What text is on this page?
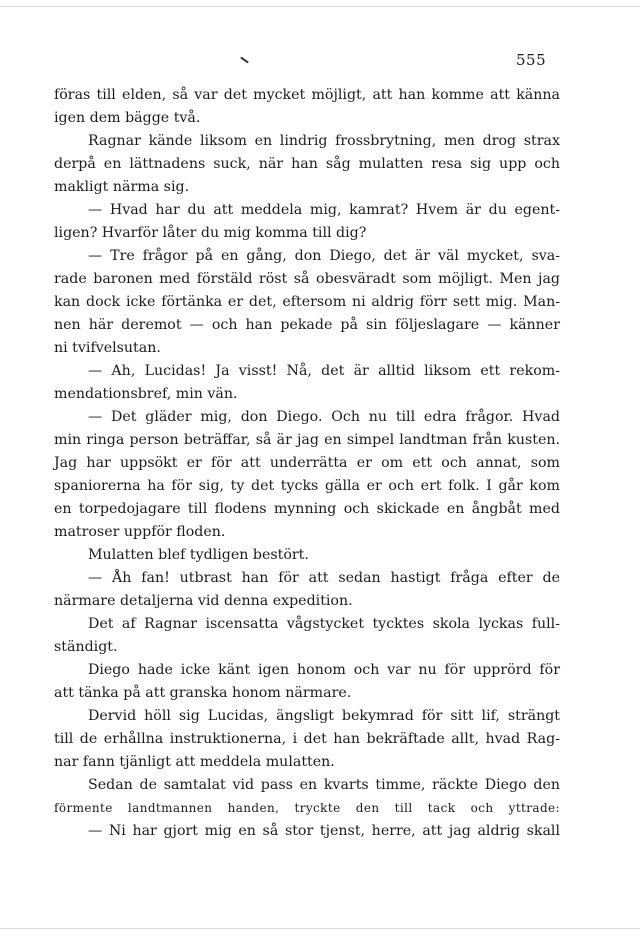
555
föras till elden, så var det mycket möjligt, att han komme att känna
igen dem bägge två.
Ragnar kände liksom en lindrig frossbrytning, men drog strax
derpå en lättnadens suck, när han såg mulatten resa sig upp och
makligt närma sig.
— Hvad har du att meddela mig, kamrat? Hvem är du egent-
ligen? Hvarför låter du mig komma till dig?
— Tre frågor på en gång, don Diego, det är väl mycket, sva-
rade baronen med förstäld röst så obesväradt som möjligt. Men jag
kan dock icke förtänka er det, eftersom ni aldrig förr sett mig. Man-
nen här deremot — och han pekade på sin följeslagare — känner
ni tvifvelsutan.
— Ah, Lucidas! Ja visst! Nå, det är alltid liksom ett rekom-
mendationsbref, min vän.
— Det gläder mig, don Diego. Och nu till edra frågor. Hvad
min ringa person beträffar, så är jag en simpel landtman från kusten.
Jag har uppsökt er för att underrätta er om ett och annat, som
spaniorerna ha för sig, ty det tycks gälla er och ert folk. I går kom
en torpedojagare till flodens mynning och skickade en ångbåt med
matroser uppför floden.
Mulatten blef tydligen bestört.
— Åh fan! utbrast han för att sedan hastigt fråga efter de
närmare detaljerna vid denna expedition.
Det af Ragnar iscensatta vågstycket tycktes skola lyckas full-
ständigt.
Diego hade icke känt igen honom och var nu för upprörd för
att tänka på att granska honom närmare.
Dervid höll sig Lucidas, ängsligt bekymrad för sitt lif, strängt
till de erhållna instruktionerna, i det han bekräftade allt, hvad Rag-
nar fann tjänligt att meddela mulatten.
Sedan de samtalat vid pass en kvarts timme, räckte Diego den
förmente landtmannen handen, tryckte den till tack och yttrade:
— Ni har gjort mig en så stor tjenst, herre, att jag aldrig skall
